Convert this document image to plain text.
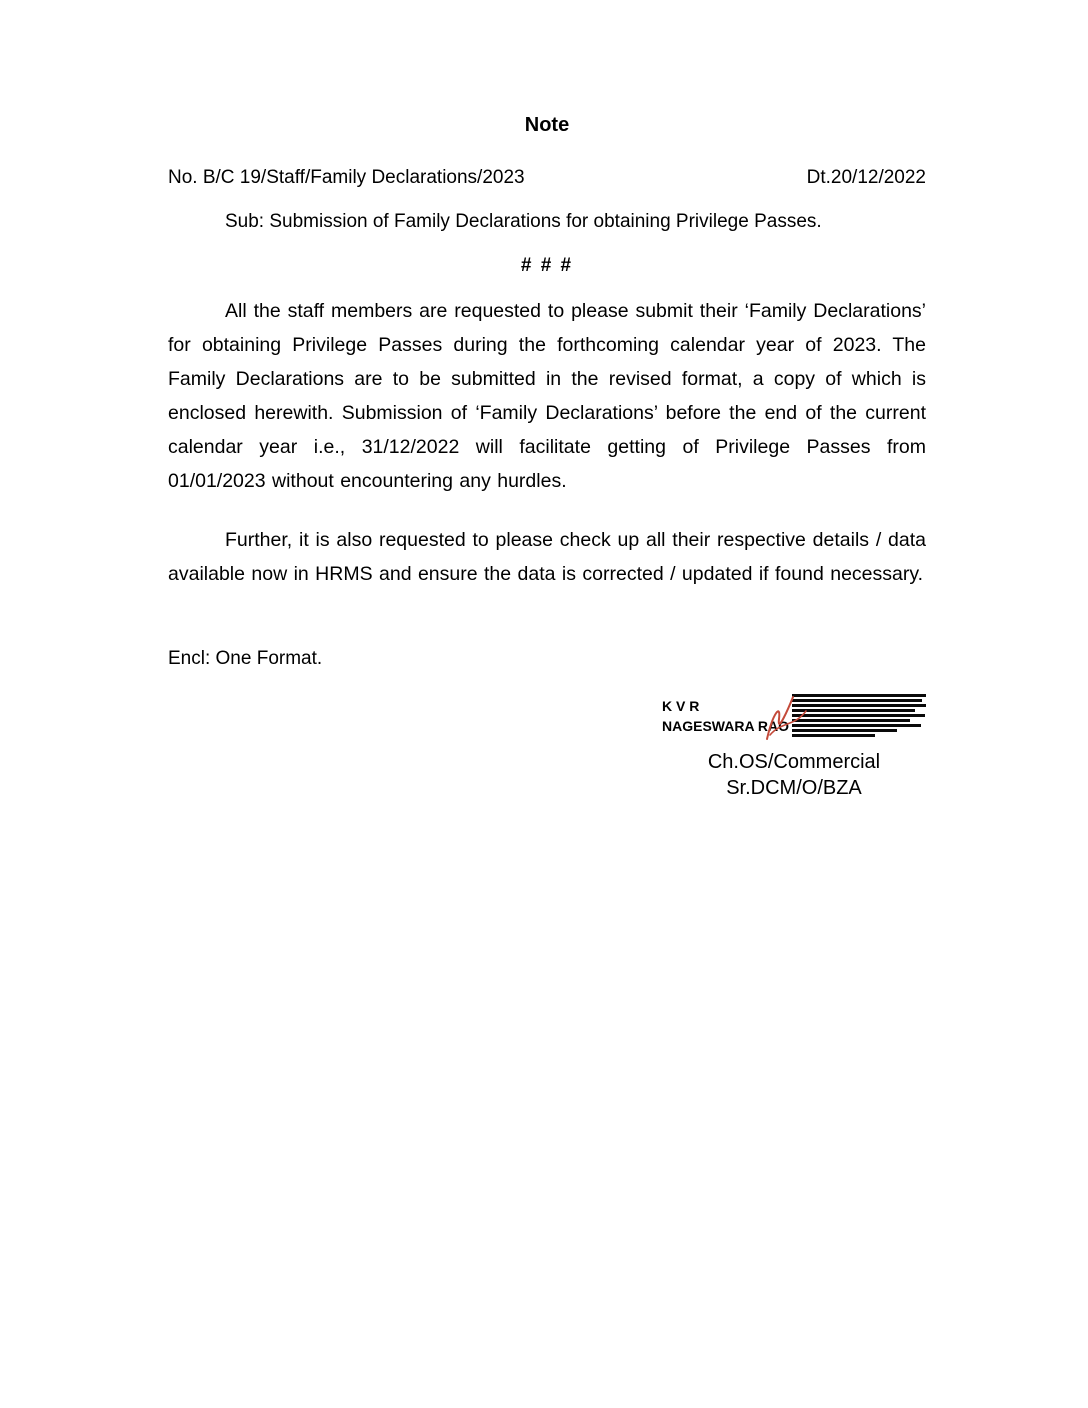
Note
No. B/C 19/Staff/Family Declarations/2023	Dt.20/12/2022

Sub: Submission of Family Declarations for obtaining Privilege Passes.

# # #

All the staff members are requested to please submit their ‘Family Declarations’ for obtaining Privilege Passes during the forthcoming calendar year of 2023. The Family Declarations are to be submitted in the revised format, a copy of which is enclosed herewith. Submission of ‘Family Declarations’ before the end of the current calendar year i.e., 31/12/2022 will facilitate getting of Privilege Passes from 01/01/2023 without encountering any hurdles.

Further, it is also requested to please check up all their respective details / data available now in HRMS and ensure the data is corrected / updated if found necessary.

Encl: One Format.

K V R NAGESWARA RAO
Ch.OS/Commercial
Sr.DCM/O/BZA
